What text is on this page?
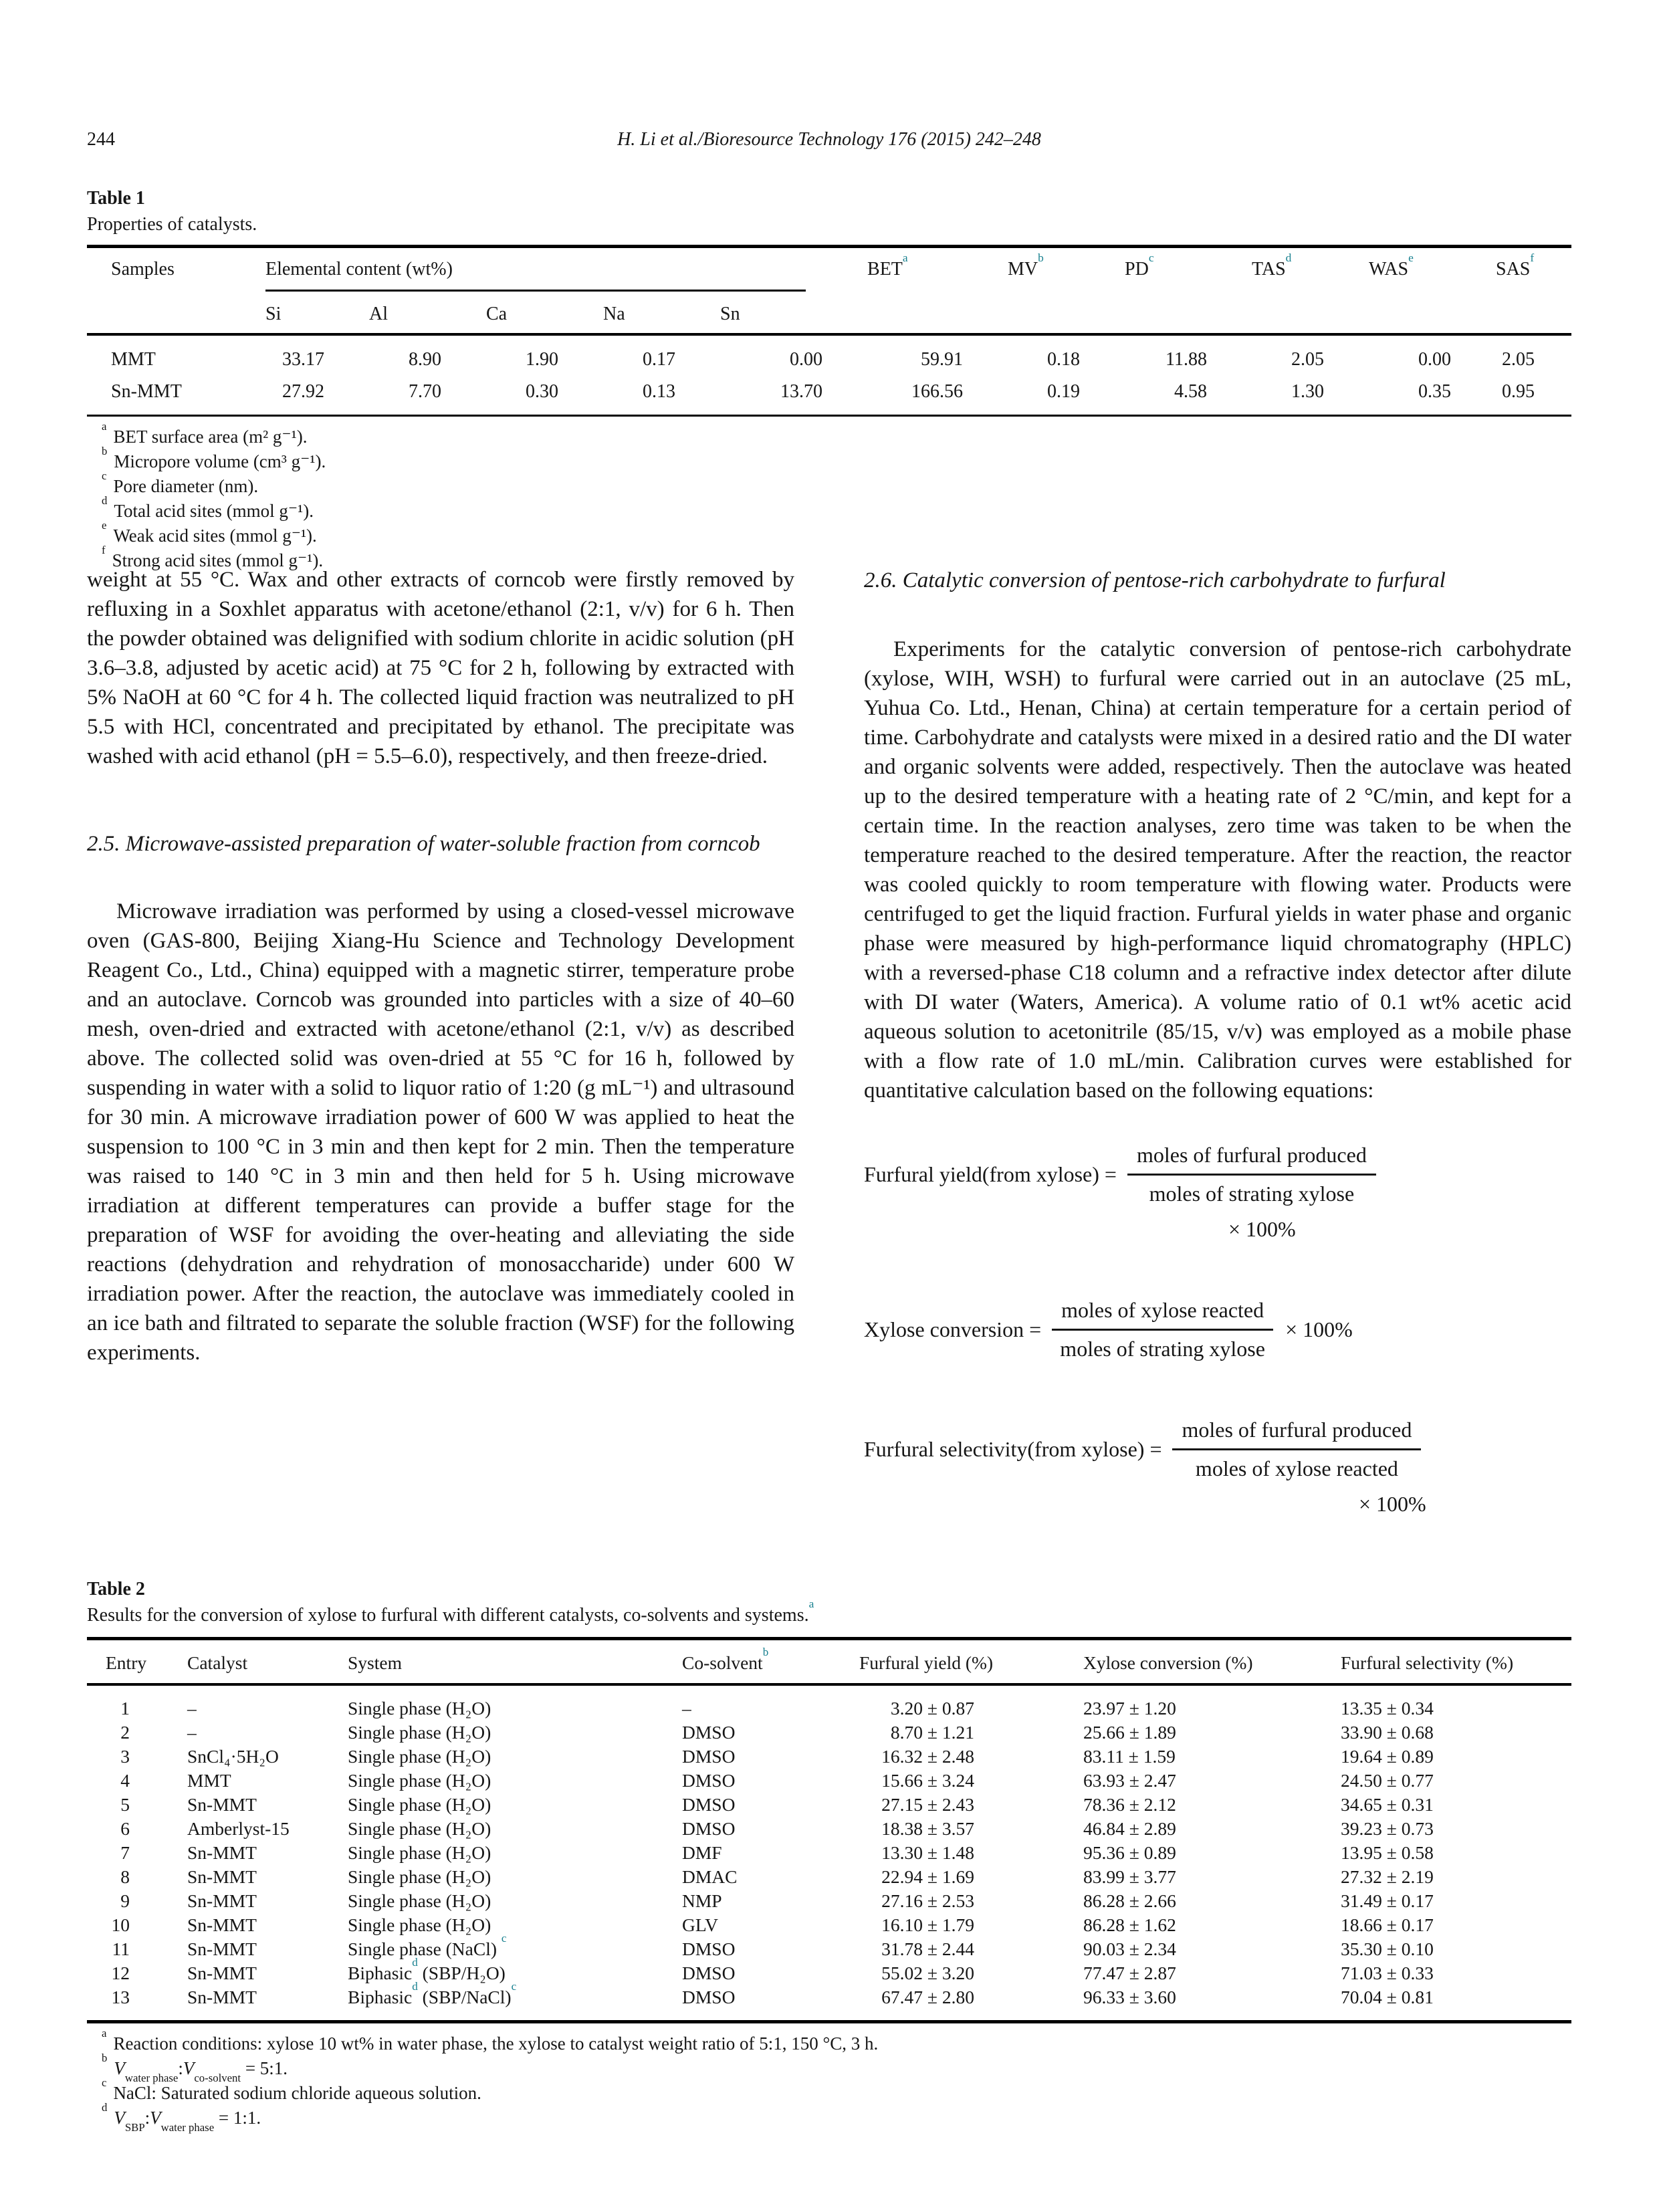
244	H. Li et al./Bioresource Technology 176 (2015) 242–248
Table 1
Properties of catalysts.
Samples	Elemental content (wt%)					BET$^a$	$MV^b$	$PD^c$	TAS$^d$	WAS$^e$	SAS$^f$
	Si	Al	Ca	Na	Sn						
MMT	33.17	8.90	1.90	0.17	0.00	59.91	0.18	11.88	2.05	0.00	2.05
Sn-MMT	27.92	7.70	0.30	0.13	13.70	166.56	0.19	4.58	1.30	0.35	0.95
$^a$BET surface area (m² g⁻¹).
$^b$Micropore volume (cm³ g⁻¹).
$^c$Pore diameter (nm).
$^d$Total acid sites (mmol g⁻¹).
$^e$Weak acid sites (mmol g⁻¹).
$^f$Strong acid sites (mmol g⁻¹).

weight at 55 °C. Wax and other extracts of corncob were firstly removed by refluxing in a Soxhlet apparatus with acetone/ethanol (2:1, v/v) for 6 h. Then the powder obtained was delignified with sodium chlorite in acidic solution (pH 3.6–3.8, adjusted by acetic acid) at 75 °C for 2 h, following by extracted with 5% NaOH at 60 °C for 4 h. The collected liquid fraction was neutralized to pH 5.5 with HCl, concentrated and precipitated by ethanol. The precipitate was washed with acid ethanol (pH = 5.5–6.0), respectively, and then freeze-dried.

2.5. Microwave-assisted preparation of water-soluble fraction from corncob

Microwave irradiation was performed by using a closed-vessel microwave oven (GAS-800, Beijing Xiang-Hu Science and Technology Development Reagent Co., Ltd., China) equipped with a magnetic stirrer, temperature probe and an autoclave. Corncob was grounded into particles with a size of 40–60 mesh, oven-dried and extracted with acetone/ethanol (2:1, v/v) as described above. The collected solid was oven-dried at 55 °C for 16 h, followed by suspending in water with a solid to liquor ratio of 1:20 (g mL⁻¹) and ultrasound for 30 min. A microwave irradiation power of 600 W was applied to heat the suspension to 100 °C in 3 min and then kept for 2 min. Then the temperature was raised to 140 °C in 3 min and then held for 5 h. Using microwave irradiation at different temperatures can provide a buffer stage for the preparation of WSF for avoiding the over-heating and alleviating the side reactions (dehydration and rehydration of monosaccharide) under 600 W irradiation power. After the reaction, the autoclave was immediately cooled in an ice bath and filtrated to separate the soluble fraction (WSF) for the following experiments.

2.6. Catalytic conversion of pentose-rich carbohydrate to furfural

Experiments for the catalytic conversion of pentose-rich carbohydrate (xylose, WIH, WSH) to furfural were carried out in an autoclave (25 mL, Yuhua Co. Ltd., Henan, China) at certain temperature for a certain period of time. Carbohydrate and catalysts were mixed in a desired ratio and the DI water and organic solvents were added, respectively. Then the autoclave was heated up to the desired temperature with a heating rate of 2 °C/min, and kept for a certain time. In the reaction analyses, zero time was taken to be when the temperature reached to the desired temperature. After the reaction, the reactor was cooled quickly to room temperature with flowing water. Products were centrifuged to get the liquid fraction. Furfural yields in water phase and organic phase were measured by high-performance liquid chromatography (HPLC) with a reversed-phase C18 column and a refractive index detector after dilute with DI water (Waters, America). A volume ratio of 0.1 wt% acetic acid aqueous solution to acetonitrile (85/15, v/v) was employed as a mobile phase with a flow rate of 1.0 mL/min. Calibration curves were established for quantitative calculation based on the following equations:

Furfural yield(from xylose) = $\frac{\text{moles of furfural produced}}{\text{moles of strating xylose}}$
× 100%
Xylose conversion = $\frac{\text{moles of xylose reacted}}{\text{moles of strating xylose}} \times 100\%$
Furfural selectivity(from xylose) = $\frac{\text{moles of furfural produced}}{\text{moles of xylose reacted}}$
× 100%
Table 2
Results for the conversion of xylose to furfural with different catalysts, co-solvents and systems.$^a$
Entry	Catalyst	System	Co-solvent$^b$	Furfural yield (%)	Xylose conversion (%)	Furfural selectivity (%)
1	–	Single phase (H₂O)	–	3.20 ± 0.87	23.97 ± 1.20	13.35 ± 0.34
2	–	Single phase (H₂O)	DMSO	8.70 ± 1.21	25.66 ± 1.89	33.90 ± 0.68
3	SnCl₄·5H₂O	Single phase (H₂O)	DMSO	16.32 ± 2.48	83.11 ± 1.59	19.64 ± 0.89
4	MMT	Single phase (H₂O)	DMSO	15.66 ± 3.24	63.93 ± 2.47	24.50 ± 0.77
5	Sn-MMT	Single phase (H₂O)	DMSO	27.15 ± 2.43	78.36 ± 2.12	34.65 ± 0.31
6	Amberlyst-15	Single phase (H₂O)	DMSO	18.38 ± 3.57	46.84 ± 2.89	39.23 ± 0.73
7	Sn-MMT	Single phase (H₂O)	DMF	13.30 ± 1.48	95.36 ± 0.89	13.95 ± 0.58
8	Sn-MMT	Single phase (H₂O)	DMAC	22.94 ± 1.69	83.99 ± 3.77	27.32 ± 2.19
9	Sn-MMT	Single phase (H₂O)	NMP	27.16 ± 2.53	86.28 ± 2.66	31.49 ± 0.17
10	Sn-MMT	Single phase (H₂O)	GLV	16.10 ± 1.79	86.28 ± 1.62	18.66 ± 0.17
11	Sn-MMT	Single phase (NaCl) $^c$	DMSO	31.78 ± 2.44	90.03 ± 2.34	35.30 ± 0.10
12	Sn-MMT	Biphasic$^d$ (SBP/H₂O)	DMSO	55.02 ± 3.20	77.47 ± 2.87	71.03 ± 0.33
13	Sn-MMT	Biphasic$^d$ (SBP/NaCl)$^c$	DMSO	67.47 ± 2.80	96.33 ± 3.60	70.04 ± 0.81
$^a$Reaction conditions: xylose 10 wt% in water phase, the xylose to catalyst weight ratio of 5:1, 150 °C, 3 h.
$^bV_{water phase}:V_{co-solvent}$ = 5:1.
$^c$NaCl: Saturated sodium chloride aqueous solution.
$^dV_{SBP}:V_{water phase}$ = 1:1.
